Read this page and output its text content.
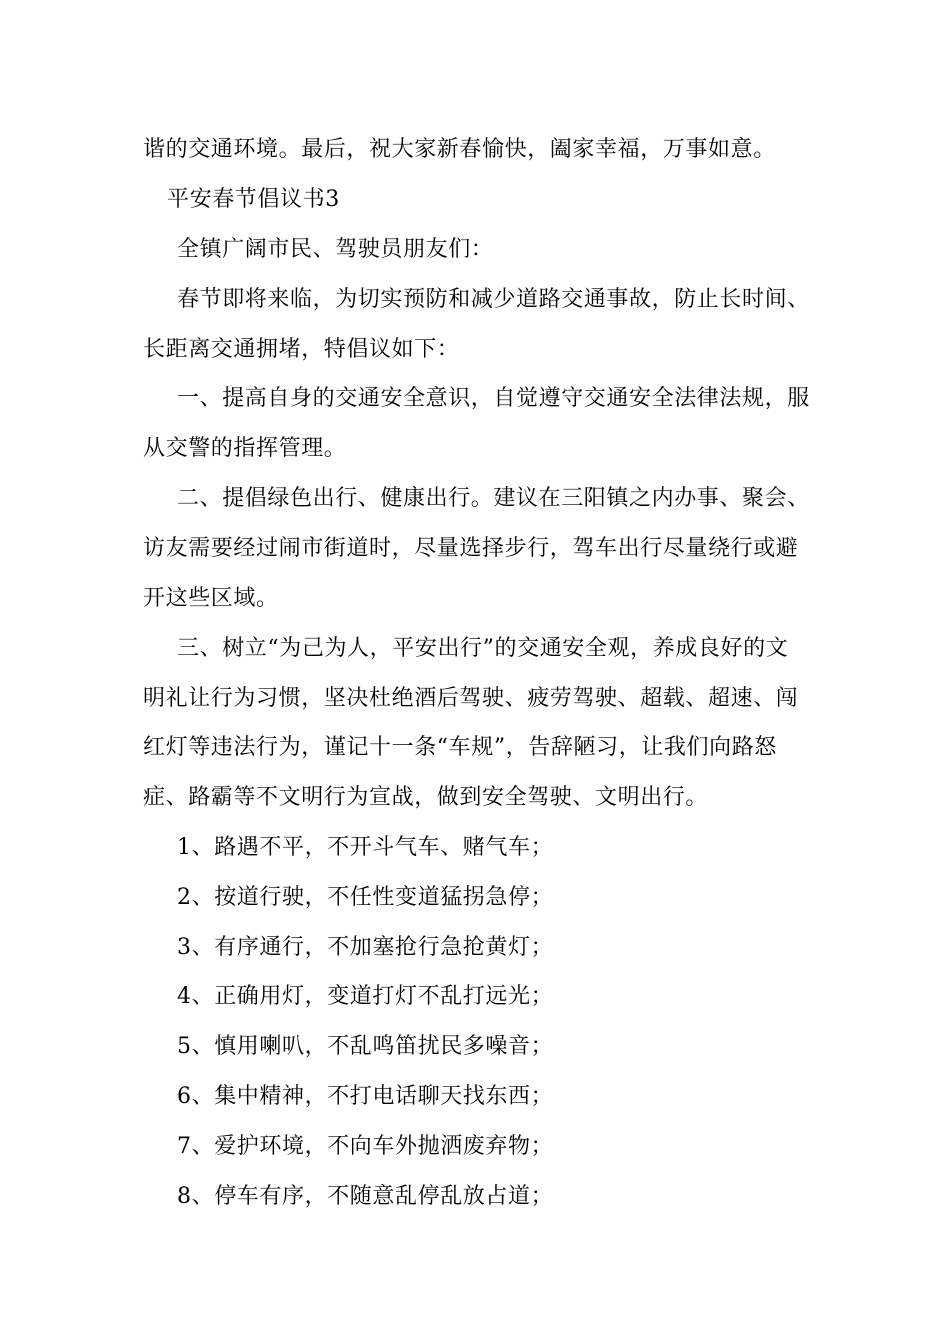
谐的交通环境。最后，祝大家新春愉快，阖家幸福，万事如意。
平安春节倡议书3
全镇广阔市民、驾驶员朋友们：
春节即将来临，为切实预防和减少道路交通事故，防止长时间、
长距离交通拥堵，特倡议如下：
一、提高自身的交通安全意识，自觉遵守交通安全法律法规，服
从交警的指挥管理。
二、提倡绿色出行、健康出行。建议在三阳镇之内办事、聚会、
访友需要经过闹市街道时，尽量选择步行，驾车出行尽量绕行或避
开这些区域。
三、树立“为己为人，平安出行”的交通安全观，养成良好的文
明礼让行为习惯，坚决杜绝酒后驾驶、疲劳驾驶、超载、超速、闯
红灯等违法行为，谨记十一条“车规”，告辞陋习，让我们向路怒
症、路霸等不文明行为宣战，做到安全驾驶、文明出行。
1、路遇不平，不开斗气车、赌气车；
2、按道行驶，不任性变道猛拐急停；
3、有序通行，不加塞抢行急抢黄灯；
4、正确用灯，变道打灯不乱打远光；
5、慎用喇叭，不乱鸣笛扰民多噪音；
6、集中精神，不打电话聊天找东西；
7、爱护环境，不向车外抛洒废弃物；
8、停车有序，不随意乱停乱放占道；
